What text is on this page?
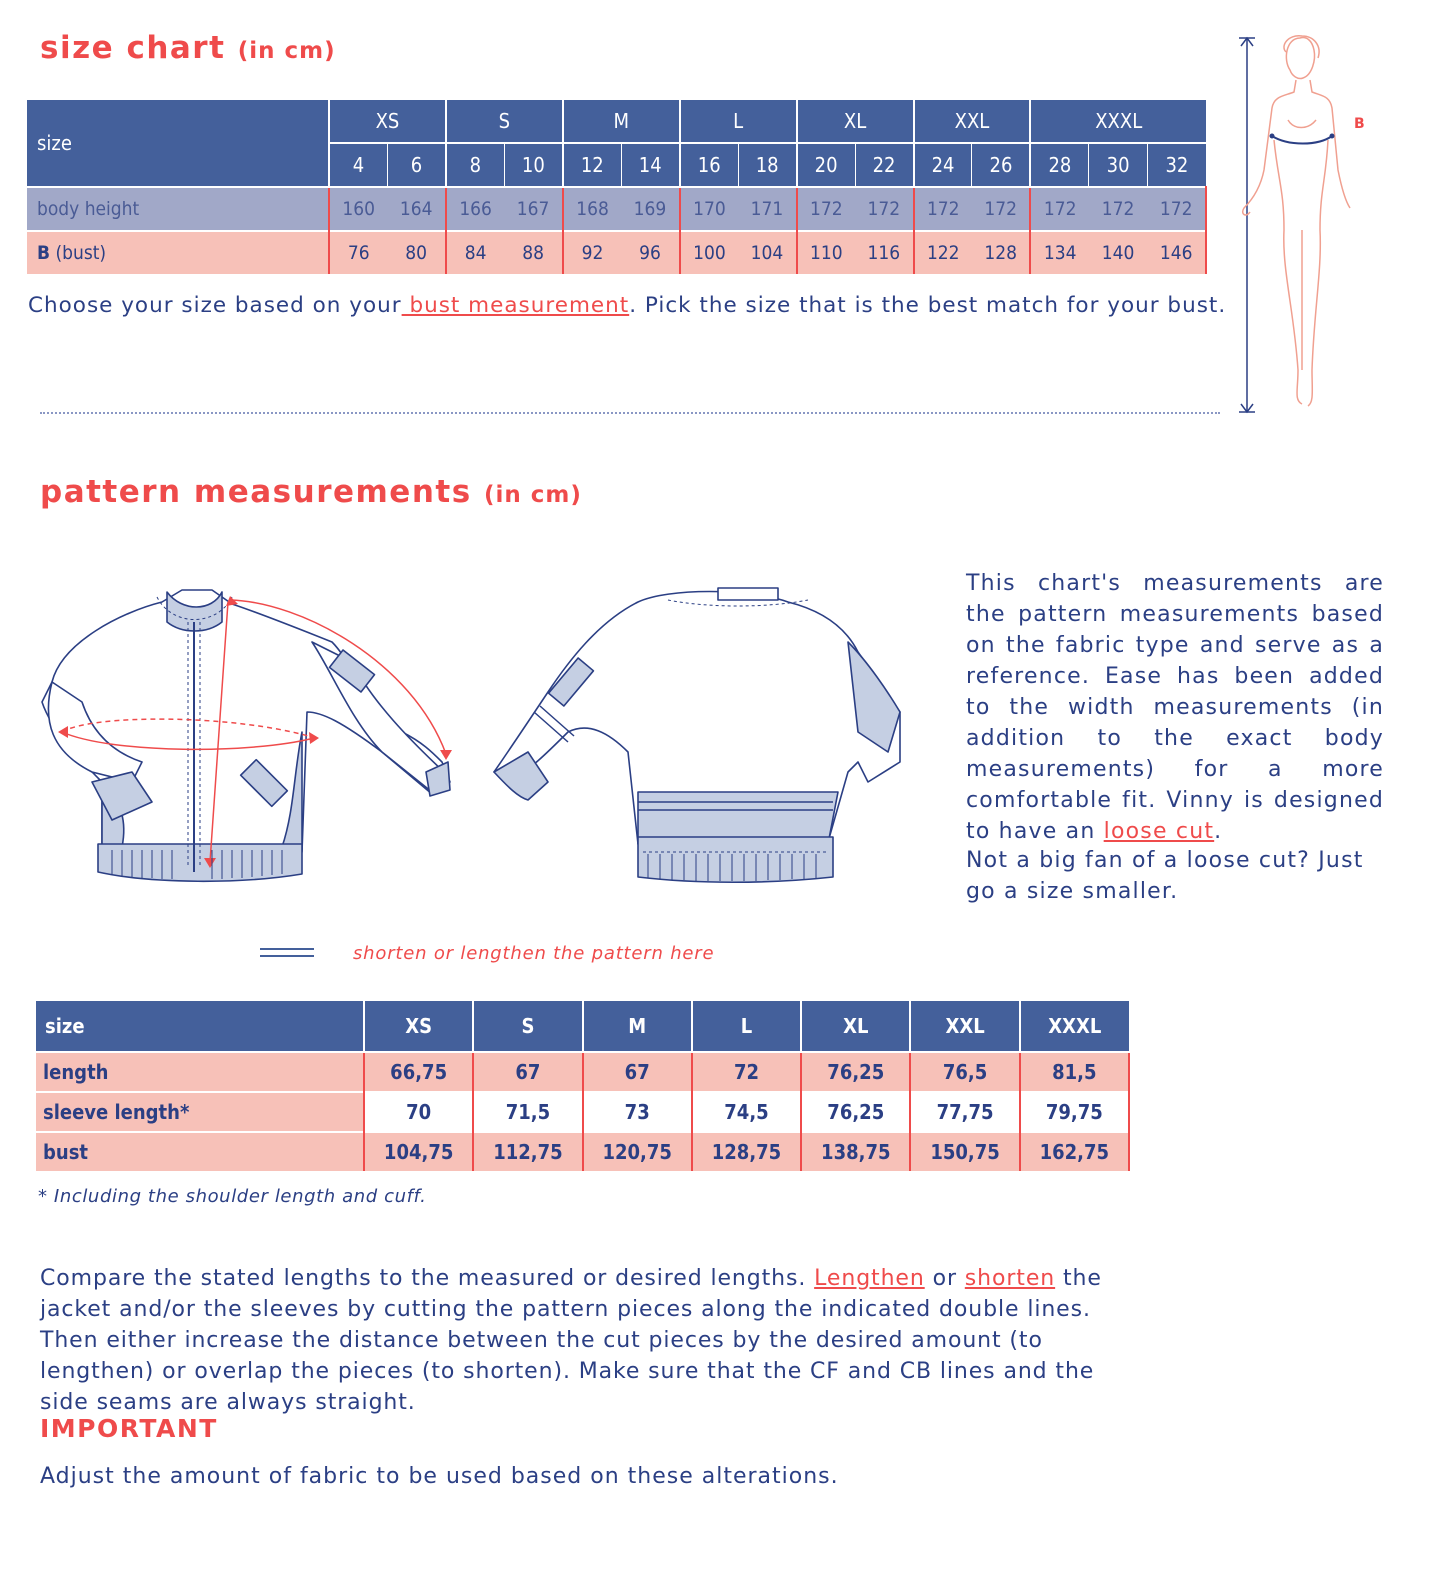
size chart (in cm)
size	XS		S		M		L		XL		XXL		XXXL		
	4	6	8	10	12	14	16	18	20	22	24	26	28	30	32
body height	160	164	166	167	168	169	170	171	172	172	172	172	172	172	172
B (bust)	76	80	84	88	92	96	100	104	110	116	122	128	134	140	146
Choose your size based on your bust measurement. Pick the size that is the best match for your bust.
B
pattern measurements (in cm)
This chart's measurements are the pattern measurements based on the fabric type and serve as a reference. Ease has been added to the width measurements (in addition to the exact body measurements) for a more comfortable fit. Vinny is designed to have an loose cut.
Not a big fan of a loose cut? Just go a size smaller.
shorten or lengthen the pattern here
size	XS	S	M	L	XL	XXL	XXXL
length	66,75	67	67	72	76,25	76,5	81,5
sleeve length*	70	71,5	73	74,5	76,25	77,75	79,75
bust	104,75	112,75	120,75	128,75	138,75	150,75	162,75
* Including the shoulder length and cuff.
Compare the stated lengths to the measured or desired lengths. Lengthen or shorten the jacket and/or the sleeves by cutting the pattern pieces along the indicated double lines. Then either increase the distance between the cut pieces by the desired amount (to lengthen) or overlap the pieces (to shorten). Make sure that the CF and CB lines and the side seams are always straight.
IMPORTANT
Adjust the amount of fabric to be used based on these alterations.
